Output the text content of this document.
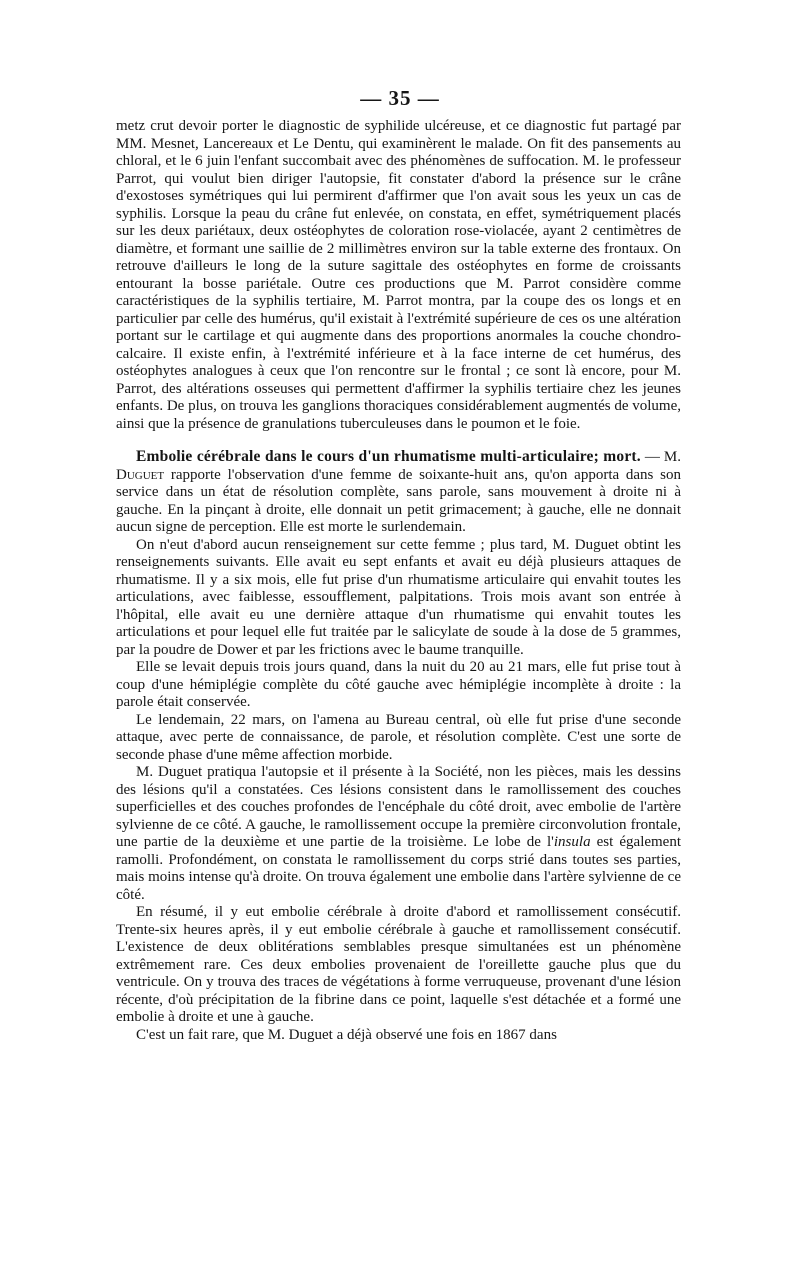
— 35 —

metz crut devoir porter le diagnostic de syphilide ulcéreuse, et ce diagnostic fut partagé par MM. Mesnet, Lancereaux et Le Dentu, qui examinèrent le malade. On fit des pansements au chloral, et le 6 juin l'enfant succombait avec des phénomènes de suffocation. M. le professeur Parrot, qui voulut bien diriger l'autopsie, fit constater d'abord la présence sur le crâne d'exostoses symétriques qui lui permirent d'affirmer que l'on avait sous les yeux un cas de syphilis. Lorsque la peau du crâne fut enlevée, on constata, en effet, symétriquement placés sur les deux pariétaux, deux ostéophytes de coloration rose-violacée, ayant 2 centimètres de diamètre, et formant une saillie de 2 millimètres environ sur la table externe des frontaux. On retrouve d'ailleurs le long de la suture sagittale des ostéophytes en forme de croissants entourant la bosse pariétale. Outre ces productions que M. Parrot considère comme caractéristiques de la syphilis tertiaire, M. Parrot montra, par la coupe des os longs et en particulier par celle des humérus, qu'il existait à l'extrémité supérieure de ces os une altération portant sur le cartilage et qui augmente dans des proportions anormales la couche chondro-calcaire. Il existe enfin, à l'extrémité inférieure et à la face interne de cet humérus, des ostéophytes analogues à ceux que l'on rencontre sur le frontal ; ce sont là encore, pour M. Parrot, des altérations osseuses qui permettent d'affirmer la syphilis tertiaire chez les jeunes enfants. De plus, on trouva les ganglions thoraciques considérablement augmentés de volume, ainsi que la présence de granulations tuberculeuses dans le poumon et le foie.

Embolie cérébrale dans le cours d'un rhumatisme multi-articulaire; mort. — M. Duguet rapporte l'observation d'une femme de soixante-huit ans, qu'on apporta dans son service dans un état de résolution complète, sans parole, sans mouvement à droite ni à gauche. En la pinçant à droite, elle donnait un petit grimacement; à gauche, elle ne donnait aucun signe de perception. Elle est morte le surlendemain.

On n'eut d'abord aucun renseignement sur cette femme ; plus tard, M. Duguet obtint les renseignements suivants. Elle avait eu sept enfants et avait eu déjà plusieurs attaques de rhumatisme. Il y a six mois, elle fut prise d'un rhumatisme articulaire qui envahit toutes les articulations, avec faiblesse, essoufflement, palpitations. Trois mois avant son entrée à l'hôpital, elle avait eu une dernière attaque d'un rhumatisme qui envahit toutes les articulations et pour lequel elle fut traitée par le salicylate de soude à la dose de 5 grammes, par la poudre de Dower et par les frictions avec le baume tranquille.

Elle se levait depuis trois jours quand, dans la nuit du 20 au 21 mars, elle fut prise tout à coup d'une hémiplégie complète du côté gauche avec hémiplégie incomplète à droite : la parole était conservée.

Le lendemain, 22 mars, on l'amena au Bureau central, où elle fut prise d'une seconde attaque, avec perte de connaissance, de parole, et résolution complète. C'est une sorte de seconde phase d'une même affection morbide.

M. Duguet pratiqua l'autopsie et il présente à la Société, non les pièces, mais les dessins des lésions qu'il a constatées. Ces lésions consistent dans le ramollissement des couches superficielles et des couches profondes de l'encéphale du côté droit, avec embolie de l'artère sylvienne de ce côté. A gauche, le ramollissement occupe la première circonvolution frontale, une partie de la deuxième et une partie de la troisième. Le lobe de l'insula est également ramolli. Profondément, on constata le ramollissement du corps strié dans toutes ses parties, mais moins intense qu'à droite. On trouva également une embolie dans l'artère sylvienne de ce côté.

En résumé, il y eut embolie cérébrale à droite d'abord et ramollissement consécutif. Trente-six heures après, il y eut embolie cérébrale à gauche et ramollissement consécutif. L'existence de deux oblitérations semblables presque simultanées est un phénomène extrêmement rare. Ces deux embolies provenaient de l'oreillette gauche plus que du ventricule. On y trouva des traces de végétations à forme verruqueuse, provenant d'une lésion récente, d'où précipitation de la fibrine dans ce point, laquelle s'est détachée et a formé une embolie à droite et une à gauche.

C'est un fait rare, que M. Duguet a déjà observé une fois en 1867 dans
